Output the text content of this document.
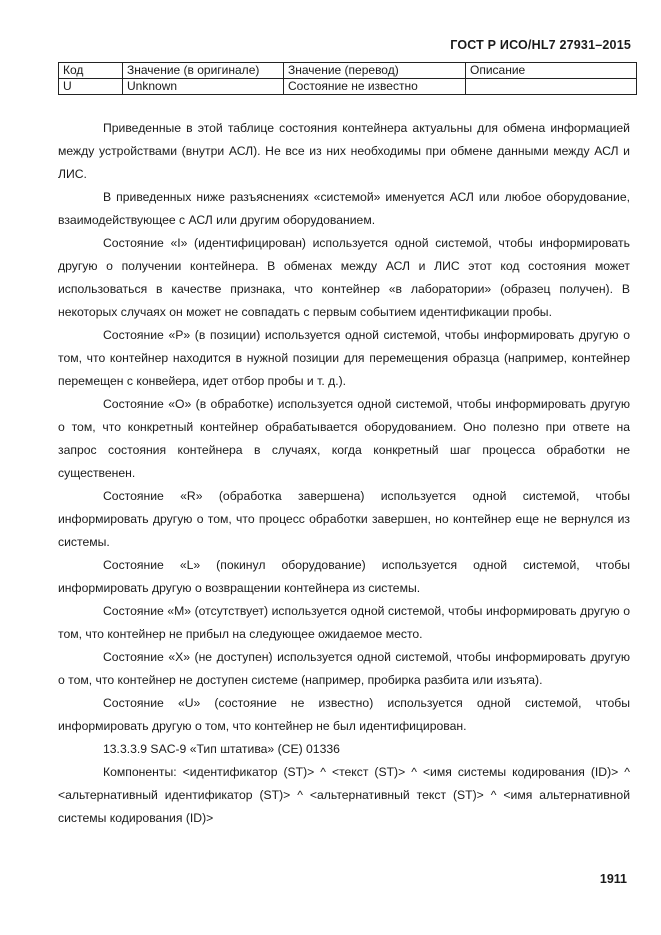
ГОСТ Р ИСО/HL7 27931–2015
Код	Значение (в оригинале)	Значение (перевод)	Описание
U	Unknown	Состояние не известно	

Приведенные в этой таблице состояния контейнера актуальны для обмена информацией между устройствами (внутри АСЛ). Не все из них необходимы при обмене данными между АСЛ и ЛИС.

В приведенных ниже разъяснениях «системой» именуется АСЛ или любое оборудование, взаимодействующее с АСЛ или другим оборудованием.

Состояние «I» (идентифицирован) используется одной системой, чтобы информировать другую о получении контейнера. В обменах между АСЛ и ЛИС этот код состояния может использоваться в качестве признака, что контейнер «в лаборатории» (образец получен). В некоторых случаях он может не совпадать с первым событием идентификации пробы.

Состояние «P» (в позиции) используется одной системой, чтобы информировать другую о том, что контейнер находится в нужной позиции для перемещения образца (например, контейнер перемещен с конвейера, идет отбор пробы и т. д.).

Состояние «O» (в обработке) используется одной системой, чтобы информировать другую о том, что конкретный контейнер обрабатывается оборудованием. Оно полезно при ответе на запрос состояния контейнера в случаях, когда конкретный шаг процесса обработки не существенен.

Состояние «R» (обработка завершена) используется одной системой, чтобы информировать другую о том, что процесс обработки завершен, но контейнер еще не вернулся из системы.

Состояние «L» (покинул оборудование) используется одной системой, чтобы информировать другую о возвращении контейнера из системы.

Состояние «M» (отсутствует) используется одной системой, чтобы информировать другую о том, что контейнер не прибыл на следующее ожидаемое место.

Состояние «X» (не доступен) используется одной системой, чтобы информировать другую о том, что контейнер не доступен системе (например, пробирка разбита или изъята).

Состояние «U» (состояние не известно) используется одной системой, чтобы информировать другую о том, что контейнер не был идентифицирован.

13.3.3.9 SAC-9 «Тип штатива» (CE) 01336

Компоненты: <идентификатор (ST)> ^ <текст (ST)> ^ <имя системы кодирования (ID)> ^ <альтернативный идентификатор (ST)> ^ <альтернативный текст (ST)> ^ <имя альтернативной системы кодирования (ID)>

1911
